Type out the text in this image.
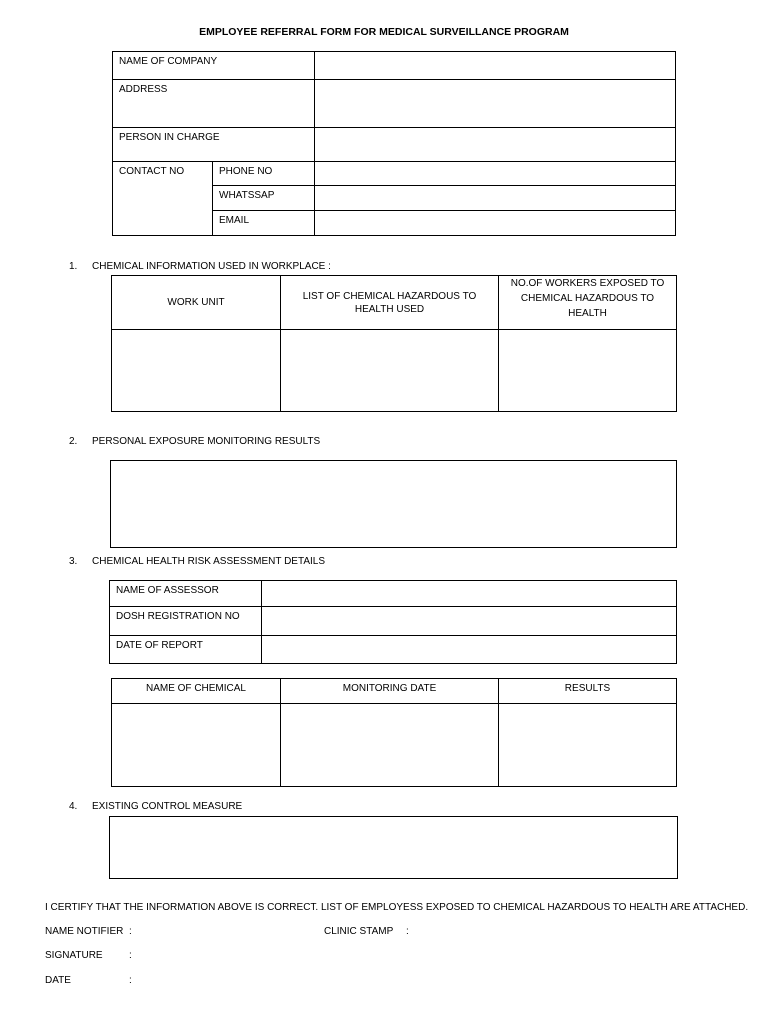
EMPLOYEE REFERRAL FORM FOR MEDICAL SURVEILLANCE PROGRAM
NAME OF COMPANY		
ADDRESS		
PERSON IN CHARGE		
CONTACT NO	PHONE NO	
	WHATSSAP	
	EMAIL	
1. CHEMICAL INFORMATION USED IN WORKPLACE :
WORK UNIT	LIST OF CHEMICAL HAZARDOUS TO HEALTH USED	NO.OF WORKERS EXPOSED TO CHEMICAL HAZARDOUS TO HEALTH

2. PERSONAL EXPOSURE MONITORING RESULTS
3. CHEMICAL HEALTH RISK ASSESSMENT DETAILS
NAME OF ASSESSOR	
DOSH REGISTRATION NO	
DATE OF REPORT	
NAME OF CHEMICAL	MONITORING DATE	RESULTS

4. EXISTING CONTROL MEASURE
I CERTIFY THAT THE INFORMATION ABOVE IS CORRECT. LIST OF EMPLOYESS EXPOSED TO CHEMICAL HAZARDOUS TO HEALTH ARE ATTACHED.
NAME NOTIFIER :	CLINIC STAMP :
SIGNATURE	:
DATE	:
